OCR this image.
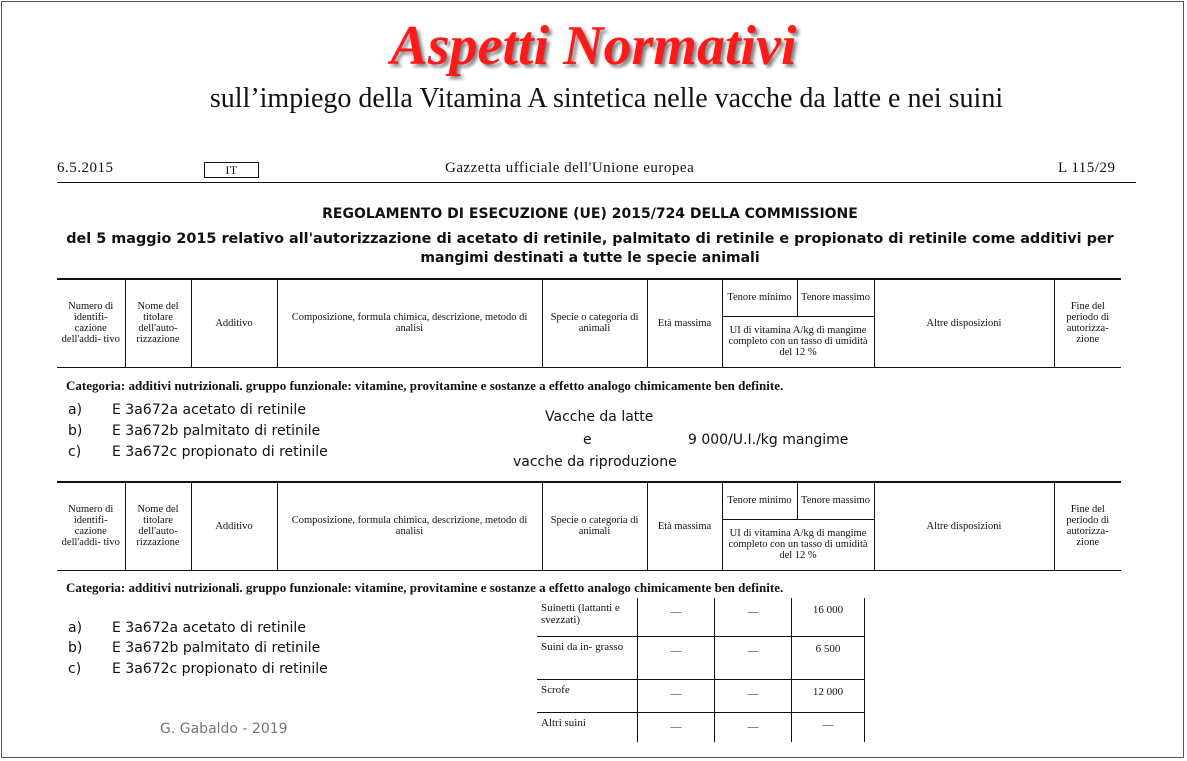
Aspetti Normativi
sull’impiego della Vitamina A sintetica nelle vacche da latte e nei suini
6.5.2015	IT	Gazzetta ufficiale dell'Unione europea	L 115/29
REGOLAMENTO DI ESECUZIONE (UE) 2015/724 DELLA COMMISSIONE
del 5 maggio 2015 relativo all'autorizzazione di acetato di retinile, palmitato di retinile e propionato di retinile come additivi per
mangimi destinati a tutte le specie animali
Numero di identifi- cazione dell'addi- tivo	Nome del titolare dell'auto- rizzazione	Additivo	Composizione, formula chimica, descrizione, metodo di analisi	Specie o categoria di animali	Età massima	Tenore minimo	Tenore massimo	Altre disposizioni	Fine del periodo di autorizza- zione
UI di vitamina A/kg di mangime completo con un tasso di umidità del 12 %
Categoria: additivi nutrizionali. gruppo funzionale: vitamine, provitamine e sostanze a effetto analogo chimicamente ben definite.
a) E 3a672a acetato di retinile
b) E 3a672b palmitato di retinile
c) E 3a672c propionato di retinile
Vacche da latte
e	9 000/U.I./kg mangime
vacche da riproduzione
Numero di identifi- cazione dell'addi- tivo	Nome del titolare dell'auto- rizzazione	Additivo	Composizione, formula chimica, descrizione, metodo di analisi	Specie o categoria di animali	Età massima	Tenore minimo	Tenore massimo	Altre disposizioni	Fine del periodo di autorizza- zione
UI di vitamina A/kg di mangime completo con un tasso di umidità del 12 %
Categoria: additivi nutrizionali. gruppo funzionale: vitamine, provitamine e sostanze a effetto analogo chimicamente ben definite.
a) E 3a672a acetato di retinile
b) E 3a672b palmitato di retinile
c) E 3a672c propionato di retinile
Suinetti (lattanti e svezzati)	—	—	16 000
Suini da in- grasso	—	—	6 500
Scrofe	—	—	12 000
Altri suini	—	—	—
G. Gabaldo - 2019
